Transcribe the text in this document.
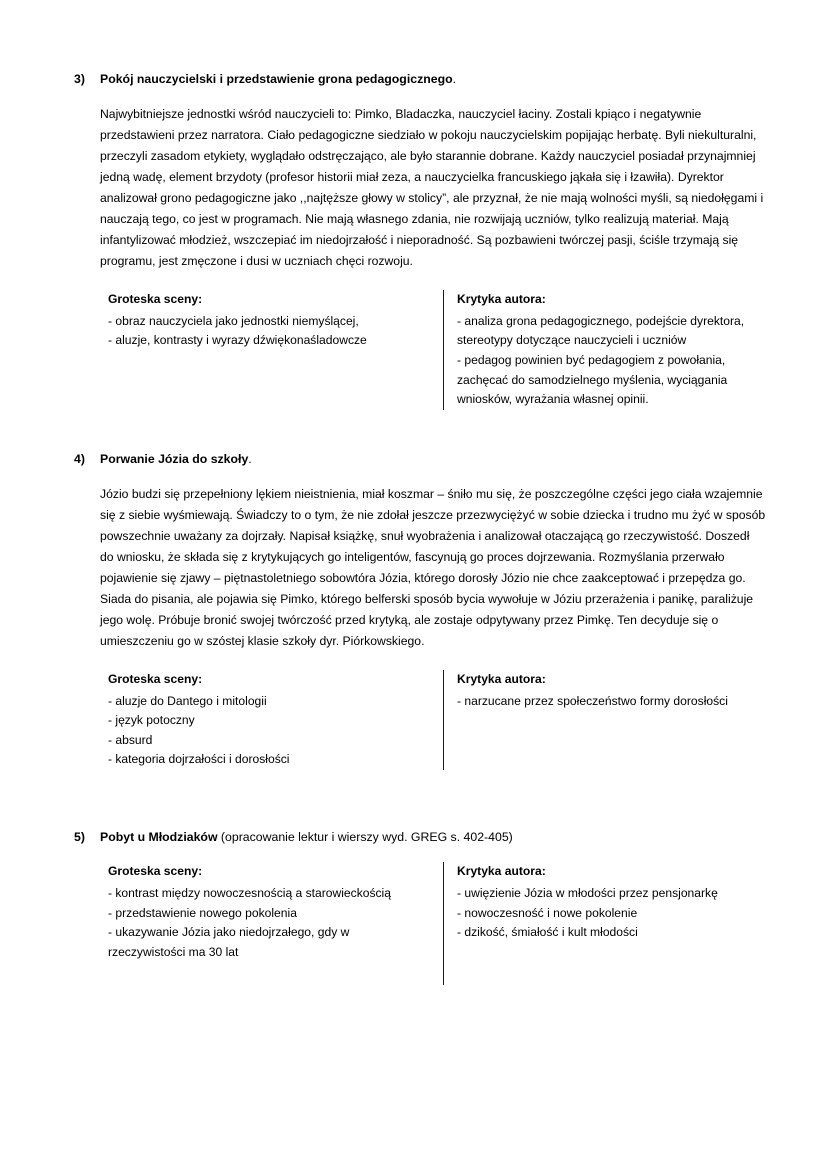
3)	Pokój nauczycielski i przedstawienie grona pedagogicznego.

Najwybitniejsze jednostki wśród nauczycieli to: Pimko, Bladaczka, nauczyciel łaciny. Zostali kpiąco i negatywnie przedstawieni przez narratora. Ciało pedagogiczne siedziało w pokoju nauczycielskim popijając herbatę. Byli niekulturalni, przeczyli zasadom etykiety, wyglądało odstręczająco, ale było starannie dobrane. Każdy nauczyciel posiadał przynajmniej jedną wadę, element brzydoty (profesor historii miał zeza, a nauczycielka francuskiego jąkała się i łzawiła). Dyrektor analizował grono pedagogiczne jako ,,najtęższe głowy w stolicy”, ale przyznał, że nie mają wolności myśli, są niedołęgami i nauczają tego, co jest w programach. Nie mają własnego zdania, nie rozwijają uczniów, tylko realizują materiał. Mają infantylizować młodzież, wszczepiać im niedojrzałość i nieporadność. Są pozbawieni twórczej pasji, ściśle trzymają się programu, jest zmęczone i dusi w uczniach chęci rozwoju.

Groteska sceny:
- obraz nauczyciela jako jednostki niemyślącej,
- aluzje, kontrasty i wyrazy dźwiękonaśladowcze
Krytyka autora:
- analiza grona pedagogicznego, podejście dyrektora, stereotypy dotyczące nauczycieli i uczniów
- pedagog powinien być pedagogiem z powołania, zachęcać do samodzielnego myślenia, wyciągania wniosków, wyrażania własnej opinii.
4)	Porwanie Józia do szkoły.

Józio budzi się przepełniony lękiem nieistnienia, miał koszmar – śniło mu się, że poszczególne części jego ciała wzajemnie się z siebie wyśmiewają. Świadczy to o tym, że nie zdołał jeszcze przezwyciężyć w sobie dziecka i trudno mu żyć w sposób powszechnie uważany za dojrzały. Napisał książkę, snuł wyobrażenia i analizował otaczającą go rzeczywistość. Doszedł do wniosku, że składa się z krytykujących go inteligentów, fascynują go proces dojrzewania. Rozmyślania przerwało pojawienie się zjawy – piętnastoletniego sobowtóra Józia, którego dorosły Józio nie chce zaakceptować i przepędza go. Siada do pisania, ale pojawia się Pimko, którego belferski sposób bycia wywołuje w Józiu przerażenia i panikę, paraliżuje jego wolę. Próbuje bronić swojej twórczość przed krytyką, ale zostaje odpytywany przez Pimkę. Ten decyduje się o umieszczeniu go w szóstej klasie szkoły dyr. Piórkowskiego.

Groteska sceny:
- aluzje do Dantego i mitologii
- język potoczny
- absurd
- kategoria dojrzałości i dorosłości
Krytyka autora:
- narzucane przez społeczeństwo formy dorosłości
5)	Pobyt u Młodziaków (opracowanie lektur i wierszy wyd. GREG s. 402-405)
Groteska sceny:
- kontrast między nowoczesnością a starowieckością
- przedstawienie nowego pokolenia
- ukazywanie Józia jako niedojrzałego, gdy w rzeczywistości ma 30 lat
Krytyka autora:
- uwięzienie Józia w młodości przez pensjonarkę
- nowoczesność i nowe pokolenie
- dzikość, śmiałość i kult młodości
